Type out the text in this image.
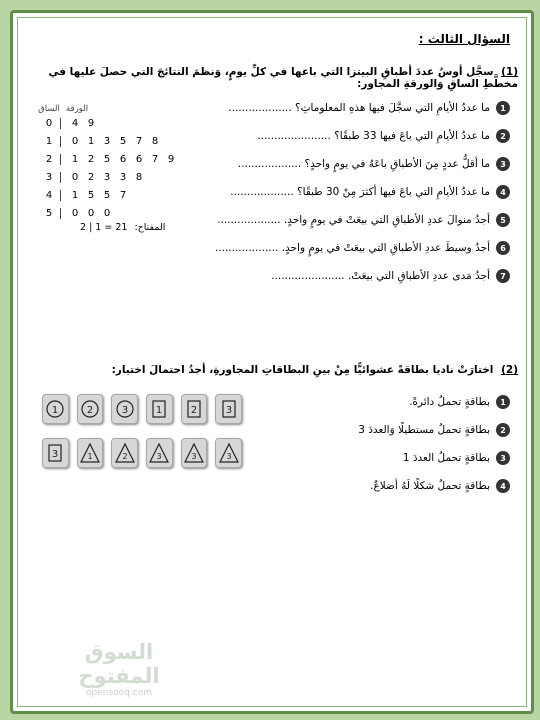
السؤال الثالث :
(1) سجَّل أوسُ عددَ أطباقِ البيتزا التي باعها في كلِّ يومٍ، وَنظمَ النتائجَ التي حصلَ عليها في مخطَّطِ الساقِ وَالورقةِ المجاور:
1
ما عددُ الأيامِ التي سجَّلَ فيها هذهِ المعلوماتِ؟ ...................
2
ما عددُ الأيامِ التي باعَ فيها 33 طبقًا؟ ......................
3
ما أقلُّ عددٍ مِنَ الأطباقِ باعَهُ في يومٍ واحدٍ؟ ...................
4
ما عددُ الأيامِ التي باعَ فيها أكثرَ مِنْ 30 طبقًا؟ ...................
5
أجدُ منوالَ عددِ الأطباقِ التي بيعَتْ في يومٍ واحدٍ. ...................
6
أجدُ وسيطَ عددِ الأطباقِ التي بيعَتْ في يومٍ واحدٍ. ...................
7
أجدُ مَدى عددِ الأطباقِ التي بيعَتْ. ......................
الساق الورقة
0	4 9
1	0 1 3 5 7 8
2	1 2 5 6 6 7 9
3	0 2 3 3 8
4	1 5 5 7
5	0 0 0
المفتاح: 2 | 1 = 21
(2) اختارَتْ ناديا بطاقةً عشوائيًّا مِنْ بينِ البطاقاتِ المجاورةِ، أجدُ احتمالَ اختيار:
1
بطاقةٍ تحملُ دائرةً.
2
بطاقةٍ تحملُ مستطيلًا وَالعددَ 3
3
بطاقةٍ تحملُ العددَ 1
4
بطاقةٍ تحملُ شكلًا لَهُ أضلاعٌ.
1	2	3	1	2	3
3	1	2	3	3	3
السوق المفتوح
opensooq.com
